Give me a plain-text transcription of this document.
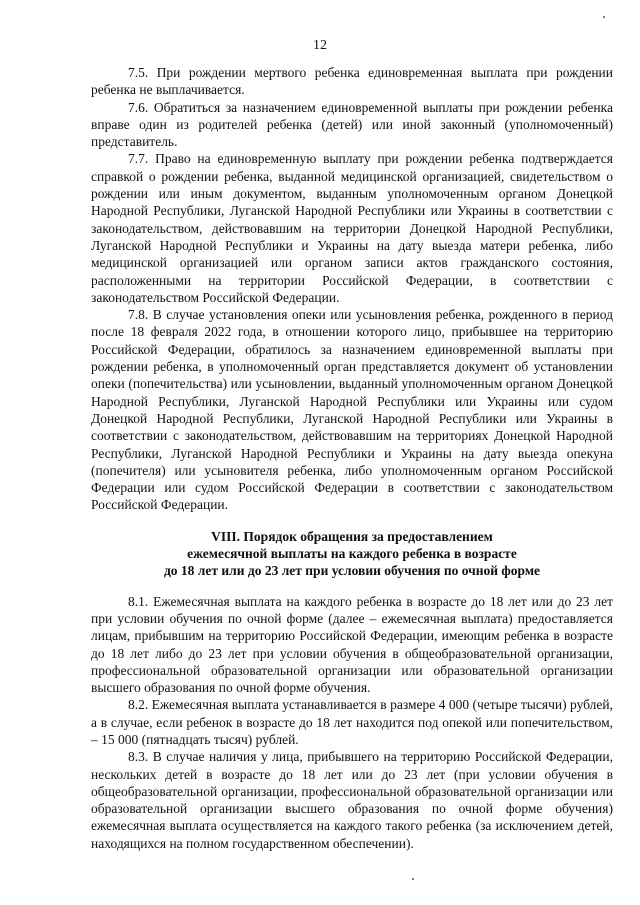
12

7.5. При рождении мертвого ребенка единовременная выплата при рождении ребенка не выплачивается.

7.6. Обратиться за назначением единовременной выплаты при рождении ребенка вправе один из родителей ребенка (детей) или иной законный (уполномоченный) представитель.

7.7. Право на единовременную выплату при рождении ребенка подтверждается справкой о рождении ребенка, выданной медицинской организацией, свидетельством о рождении или иным документом, выданным уполномоченным органом Донецкой Народной Республики, Луганской Народной Республики или Украины в соответствии с законодательством, действовавшим на территории Донецкой Народной Республики, Луганской Народной Республики и Украины на дату выезда матери ребенка, либо медицинской организацией или органом записи актов гражданского состояния, расположенными на территории Российской Федерации, в соответствии с законодательством Российской Федерации.

7.8. В случае установления опеки или усыновления ребенка, рожденного в период после 18 февраля 2022 года, в отношении которого лицо, прибывшее на территорию Российской Федерации, обратилось за назначением единовременной выплаты при рождении ребенка, в уполномоченный орган представляется документ об установлении опеки (попечительства) или усыновлении, выданный уполномоченным органом Донецкой Народной Республики, Луганской Народной Республики или Украины или судом Донецкой Народной Республики, Луганской Народной Республики или Украины в соответствии с законодательством, действовавшим на территориях Донецкой Народной Республики, Луганской Народной Республики и Украины на дату выезда опекуна (попечителя) или усыновителя ребенка, либо уполномоченным органом Российской Федерации или судом Российской Федерации в соответствии с законодательством Российской Федерации.

VIII. Порядок обращения за предоставлением
ежемесячной выплаты на каждого ребенка в возрасте
до 18 лет или до 23 лет при условии обучения по очной форме

8.1. Ежемесячная выплата на каждого ребенка в возрасте до 18 лет или до 23 лет при условии обучения по очной форме (далее – ежемесячная выплата) предоставляется лицам, прибывшим на территорию Российской Федерации, имеющим ребенка в возрасте до 18 лет либо до 23 лет при условии обучения в общеобразовательной организации, профессиональной образовательной организации или образовательной организации высшего образования по очной форме обучения.

8.2. Ежемесячная выплата устанавливается в размере 4 000 (четыре тысячи) рублей, а в случае, если ребенок в возрасте до 18 лет находится под опекой или попечительством, – 15 000 (пятнадцать тысяч) рублей.

8.3. В случае наличия у лица, прибывшего на территорию Российской Федерации, нескольких детей в возрасте до 18 лет или до 23 лет (при условии обучения в общеобразовательной организации, профессиональной образовательной организации или образовательной организации высшего образования по очной форме обучения) ежемесячная выплата осуществляется на каждого такого ребенка (за исключением детей, находящихся на полном государственном обеспечении).
